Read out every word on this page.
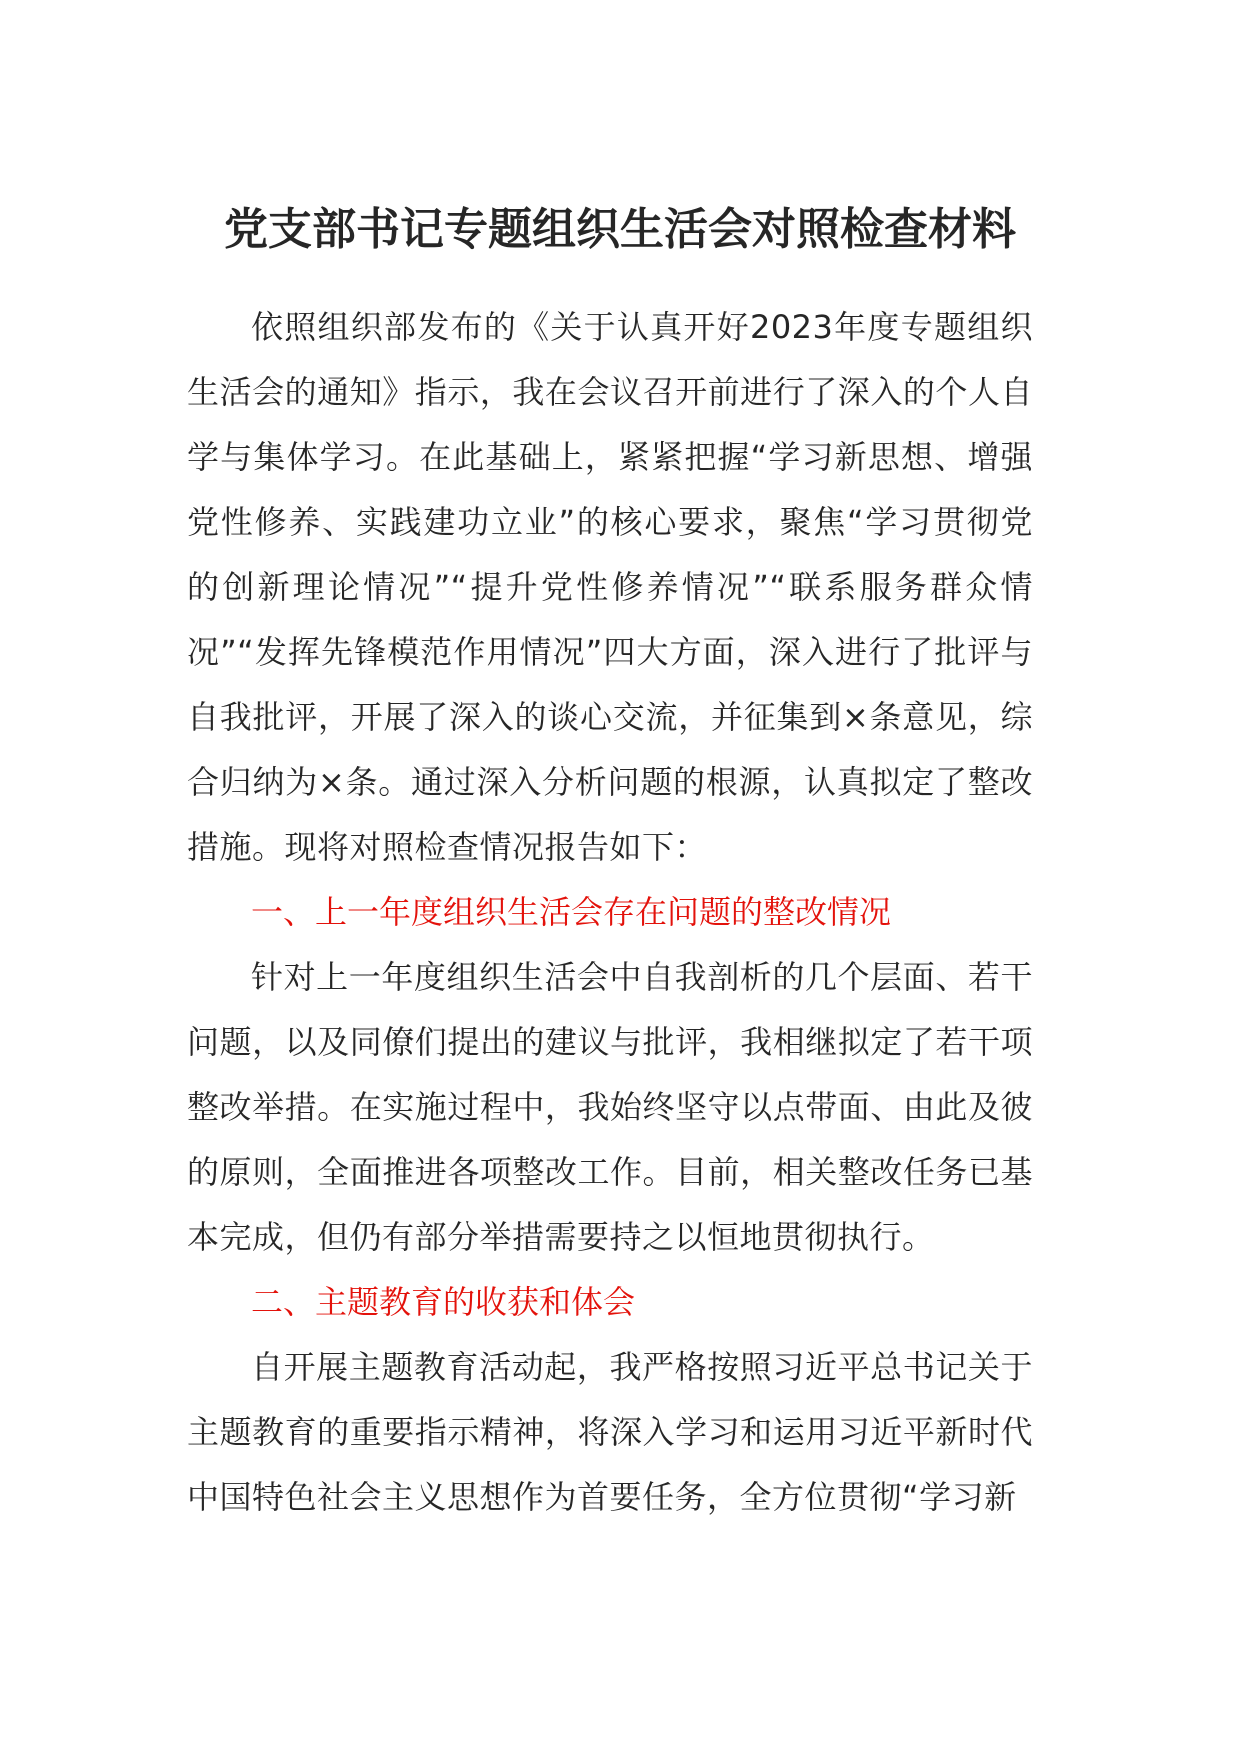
党支部书记专题组织生活会对照检查材料

依照组织部发布的《关于认真开好2023年度专题组织生活会的通知》指示，我在会议召开前进行了深入的个人自学与集体学习。在此基础上，紧紧把握“学习新思想、增强党性修养、实践建功立业”的核心要求，聚焦“学习贯彻党的创新理论情况”“提升党性修养情况”“联系服务群众情况”“发挥先锋模范作用情况”四大方面，深入进行了批评与自我批评，开展了深入的谈心交流，并征集到×条意见，综合归纳为×条。通过深入分析问题的根源，认真拟定了整改措施。现将对照检查情况报告如下：

一、上一年度组织生活会存在问题的整改情况

针对上一年度组织生活会中自我剖析的几个层面、若干问题，以及同僚们提出的建议与批评，我相继拟定了若干项整改举措。在实施过程中，我始终坚守以点带面、由此及彼的原则，全面推进各项整改工作。目前，相关整改任务已基本完成，但仍有部分举措需要持之以恒地贯彻执行。

二、主题教育的收获和体会

自开展主题教育活动起，我严格按照习近平总书记关于主题教育的重要指示精神，将深入学习和运用习近平新时代中国特色社会主义思想作为首要任务，全方位贯彻“学习新
